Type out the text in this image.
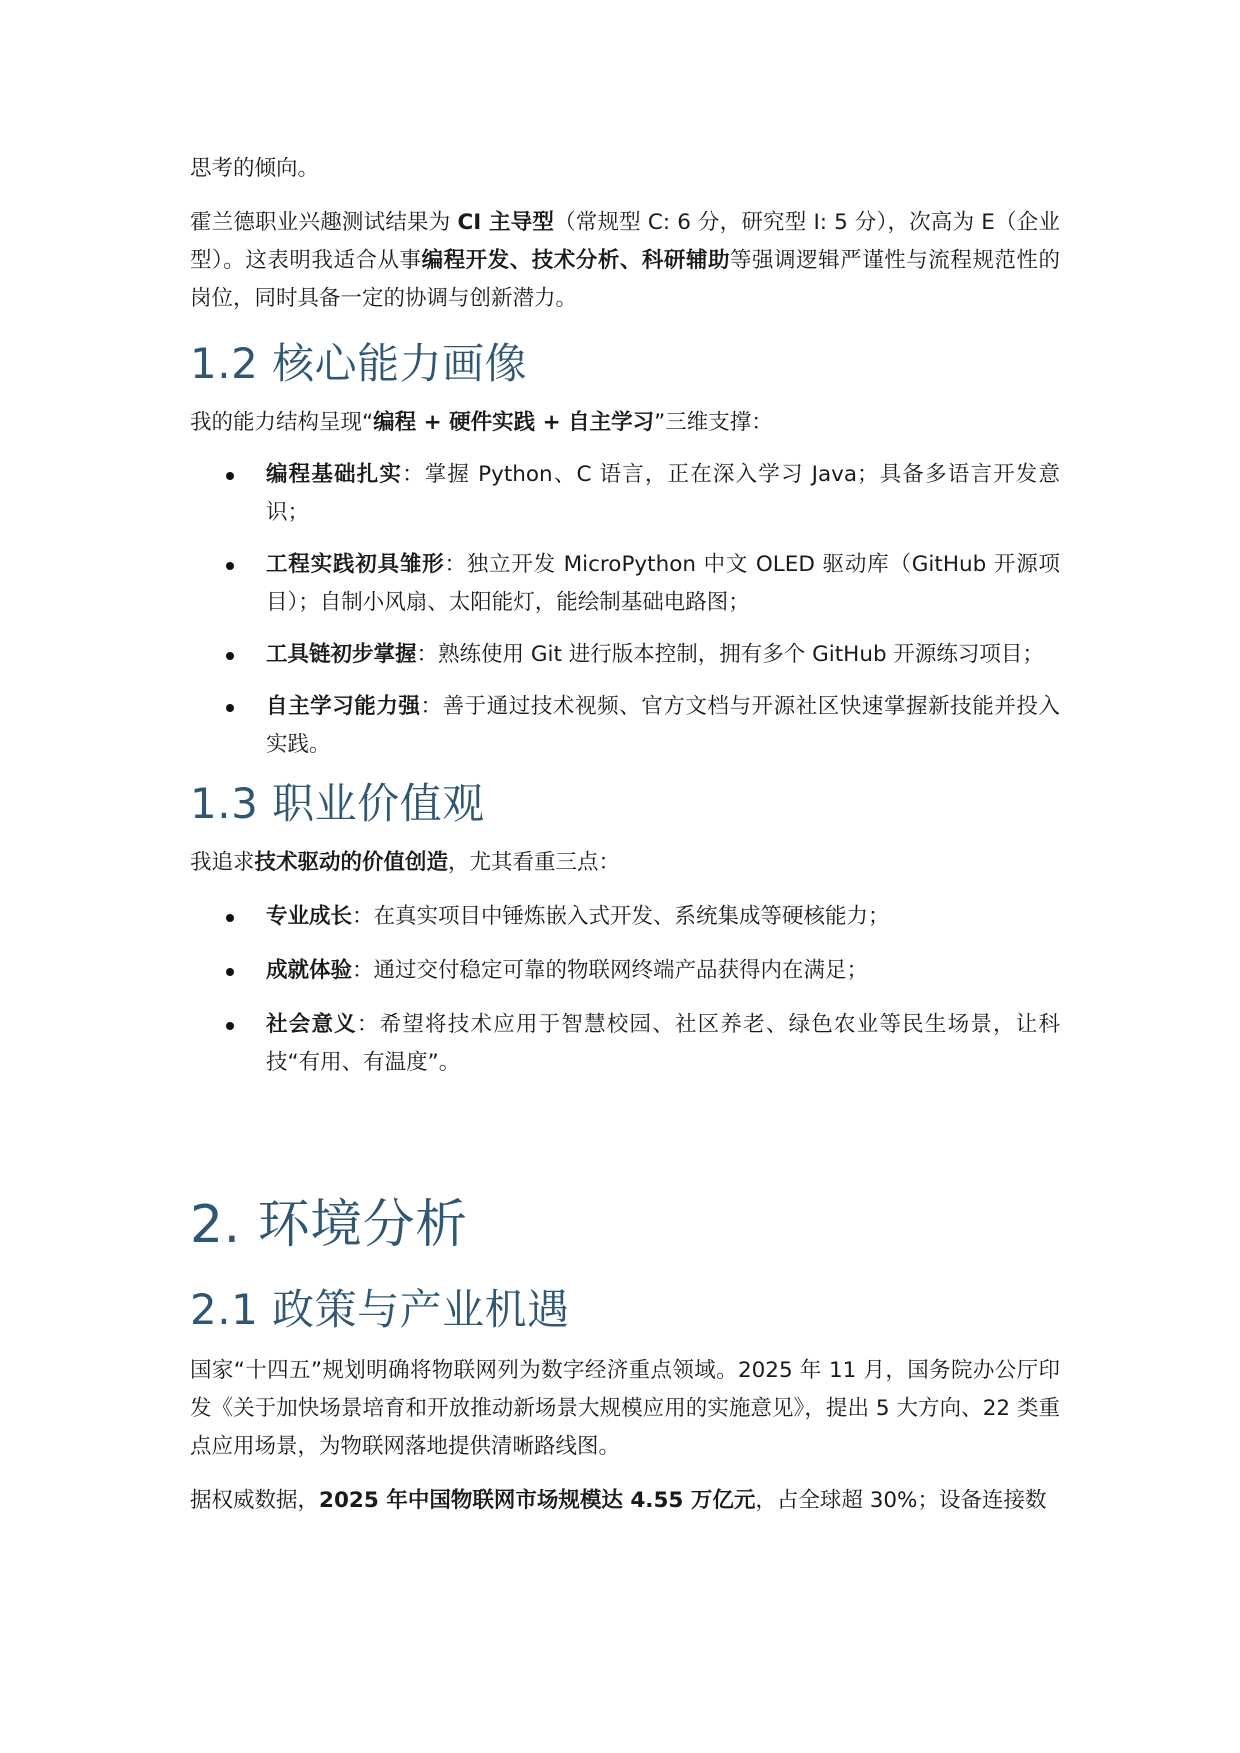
思考的倾向。

霍兰德职业兴趣测试结果为 CI 主导型（常规型 C: 6 分，研究型 I: 5 分），次高为 E（企业型）。这表明我适合从事编程开发、技术分析、科研辅助等强调逻辑严谨性与流程规范性的岗位，同时具备一定的协调与创新潜力。

1.2 核心能力画像

我的能力结构呈现“编程 + 硬件实践 + 自主学习”三维支撑：

编程基础扎实：掌握 Python、C 语言，正在深入学习 Java；具备多语言开发意识；
工程实践初具雏形：独立开发 MicroPython 中文 OLED 驱动库（GitHub 开源项目）；自制小风扇、太阳能灯，能绘制基础电路图；
工具链初步掌握：熟练使用 Git 进行版本控制，拥有多个 GitHub 开源练习项目；
自主学习能力强：善于通过技术视频、官方文档与开源社区快速掌握新技能并投入实践。
1.3 职业价值观

我追求技术驱动的价值创造，尤其看重三点：

专业成长：在真实项目中锤炼嵌入式开发、系统集成等硬核能力；
成就体验：通过交付稳定可靠的物联网终端产品获得内在满足；
社会意义：希望将技术应用于智慧校园、社区养老、绿色农业等民生场景，让科技“有用、有温度”。
2. 环境分析
2.1 政策与产业机遇

国家“十四五”规划明确将物联网列为数字经济重点领域。2025 年 11 月，国务院办公厅印发《关于加快场景培育和开放推动新场景大规模应用的实施意见》，提出 5 大方向、22 类重点应用场景，为物联网落地提供清晰路线图。

据权威数据，2025 年中国物联网市场规模达 4.55 万亿元，占全球超 30%；设备连接数
